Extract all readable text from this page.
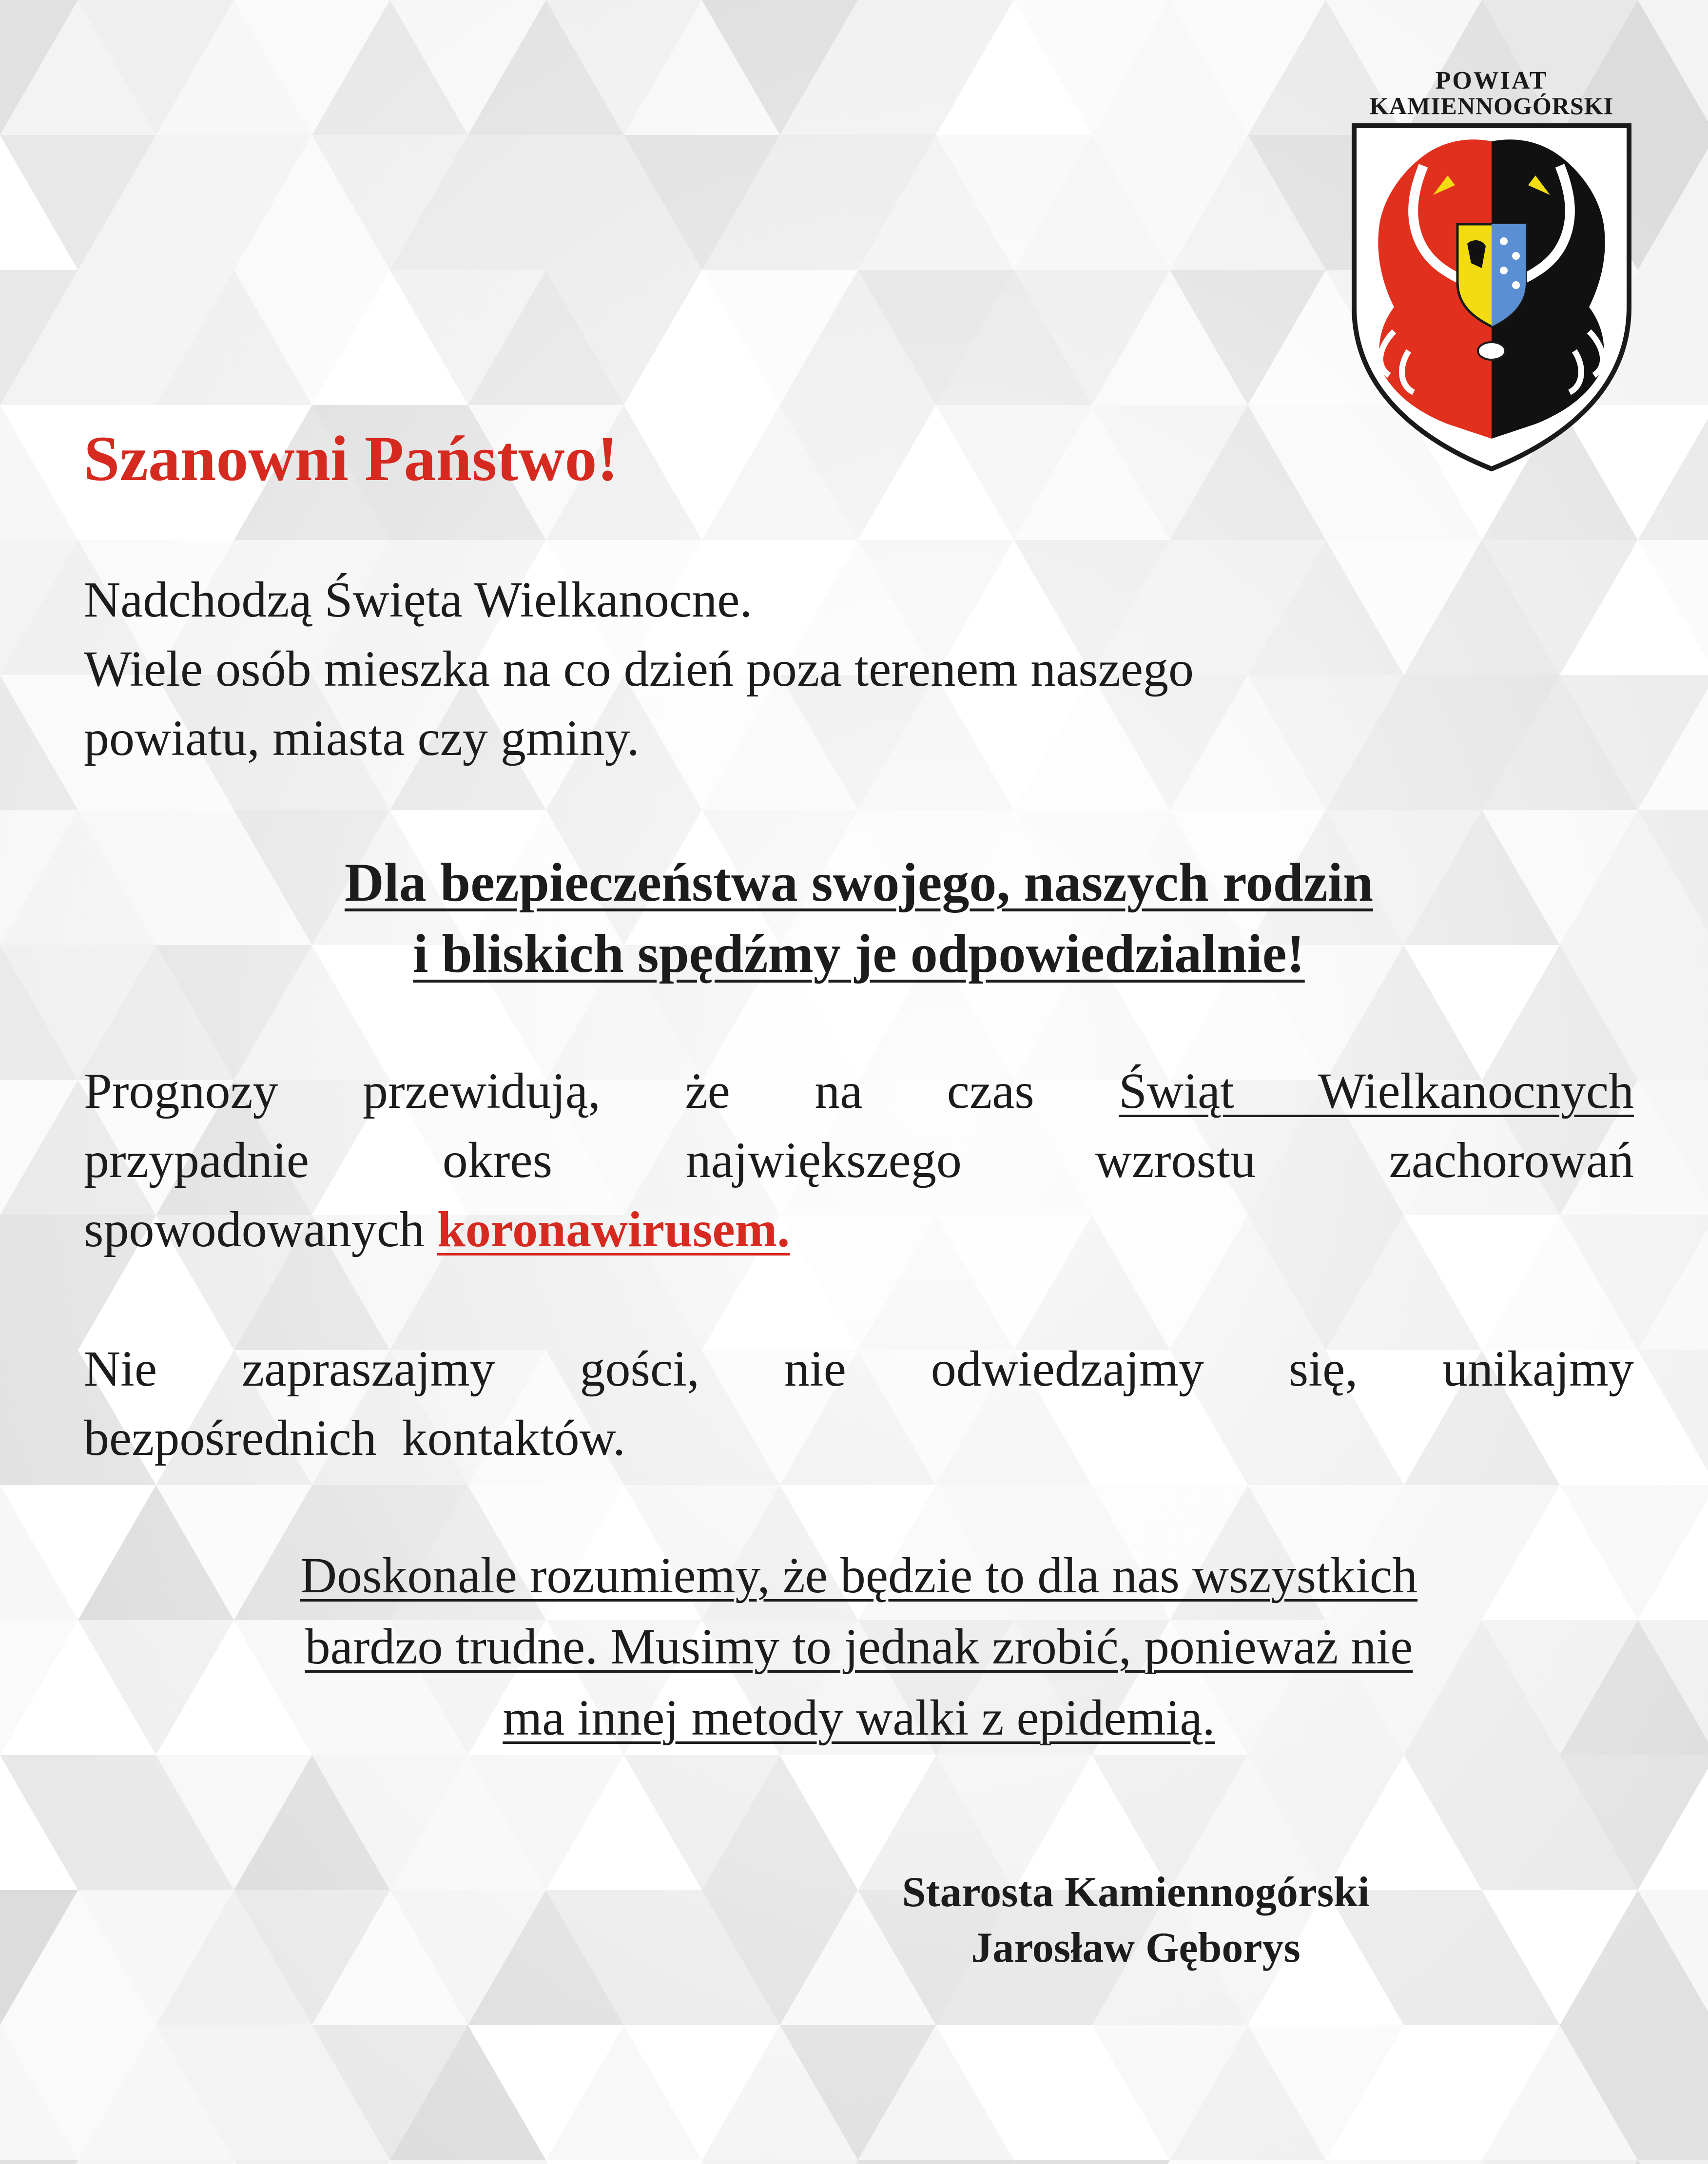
POWIAT
KAMIENNOGÓRSKI
Szanowni Państwo!
Nadchodzą Święta Wielkanocne.
Wiele osób mieszka na co dzień poza terenem naszego
powiatu, miasta czy gminy.
Dla bezpieczeństwa swojego, naszych rodzin
i bliskich spędźmy je odpowiedzialnie!
Prognozy przewidują, że na czas Świąt Wielkanocnych
przypadnie okres największego wzrostu zachorowań
spowodowanych koronawirusem.
Nie zapraszajmy gości, nie odwiedzajmy się, unikajmy
bezpośrednich  kontaktów.
Doskonale rozumiemy, że będzie to dla nas wszystkich
bardzo trudne. Musimy to jednak zrobić, ponieważ nie
ma innej metody walki z epidemią.
Starosta Kamiennogórski
Jarosław Gęborys
